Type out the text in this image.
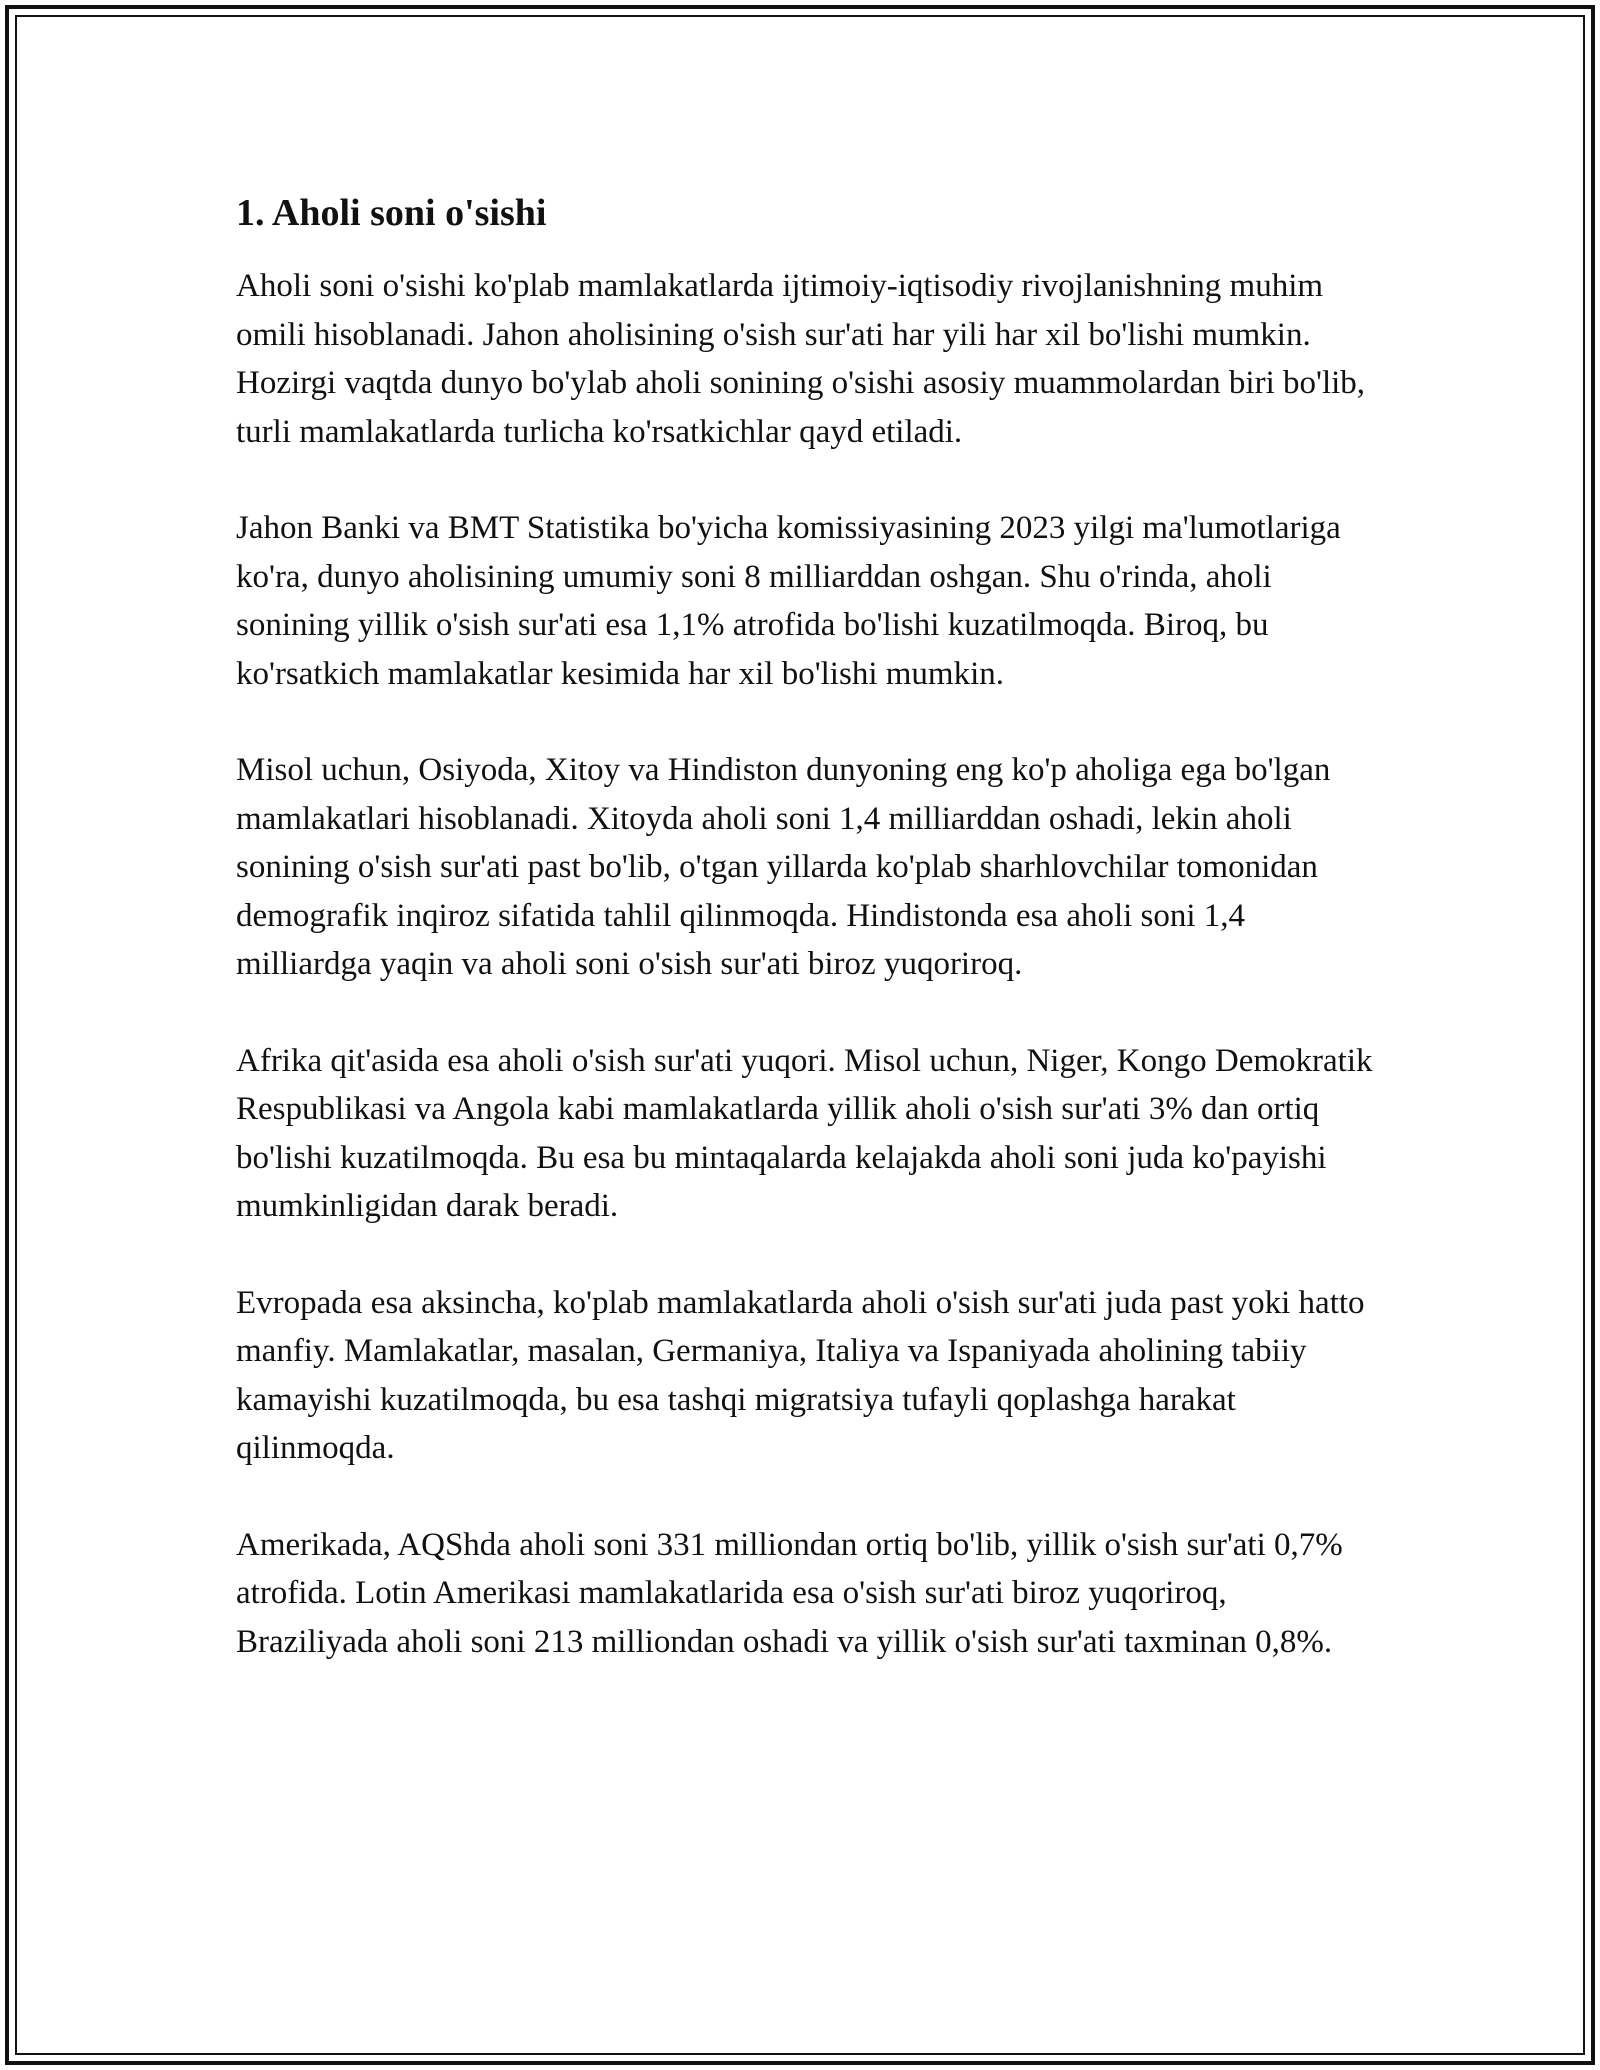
1. Aholi soni o'sishi

Aholi soni o'sishi ko'plab mamlakatlarda ijtimoiy-iqtisodiy rivojlanishning muhim omili hisoblanadi. Jahon aholisining o'sish sur'ati har yili har xil bo'lishi mumkin. Hozirgi vaqtda dunyo bo'ylab aholi sonining o'sishi asosiy muammolardan biri bo'lib, turli mamlakatlarda turlicha ko'rsatkichlar qayd etiladi.

Jahon Banki va BMT Statistika bo'yicha komissiyasining 2023 yilgi ma'lumotlariga ko'ra, dunyo aholisining umumiy soni 8 milliarddan oshgan. Shu o'rinda, aholi sonining yillik o'sish sur'ati esa 1,1% atrofida bo'lishi kuzatilmoqda. Biroq, bu ko'rsatkich mamlakatlar kesimida har xil bo'lishi mumkin.

Misol uchun, Osiyoda, Xitoy va Hindiston dunyoning eng ko'p aholiga ega bo'lgan mamlakatlari hisoblanadi. Xitoyda aholi soni 1,4 milliarddan oshadi, lekin aholi sonining o'sish sur'ati past bo'lib, o'tgan yillarda ko'plab sharhlovchilar tomonidan demografik inqiroz sifatida tahlil qilinmoqda. Hindistonda esa aholi soni 1,4 milliardga yaqin va aholi soni o'sish sur'ati biroz yuqoriroq.

Afrika qit'asida esa aholi o'sish sur'ati yuqori. Misol uchun, Niger, Kongo Demokratik Respublikasi va Angola kabi mamlakatlarda yillik aholi o'sish sur'ati 3% dan ortiq bo'lishi kuzatilmoqda. Bu esa bu mintaqalarda kelajakda aholi soni juda ko'payishi mumkinligidan darak beradi.

Evropada esa aksincha, ko'plab mamlakatlarda aholi o'sish sur'ati juda past yoki hatto manfiy. Mamlakatlar, masalan, Germaniya, Italiya va Ispaniyada aholining tabiiy kamayishi kuzatilmoqda, bu esa tashqi migratsiya tufayli qoplashga harakat qilinmoqda.

Amerikada, AQShda aholi soni 331 milliondan ortiq bo'lib, yillik o'sish sur'ati 0,7% atrofida. Lotin Amerikasi mamlakatlarida esa o'sish sur'ati biroz yuqoriroq, Braziliyada aholi soni 213 milliondan oshadi va yillik o'sish sur'ati taxminan 0,8%.
